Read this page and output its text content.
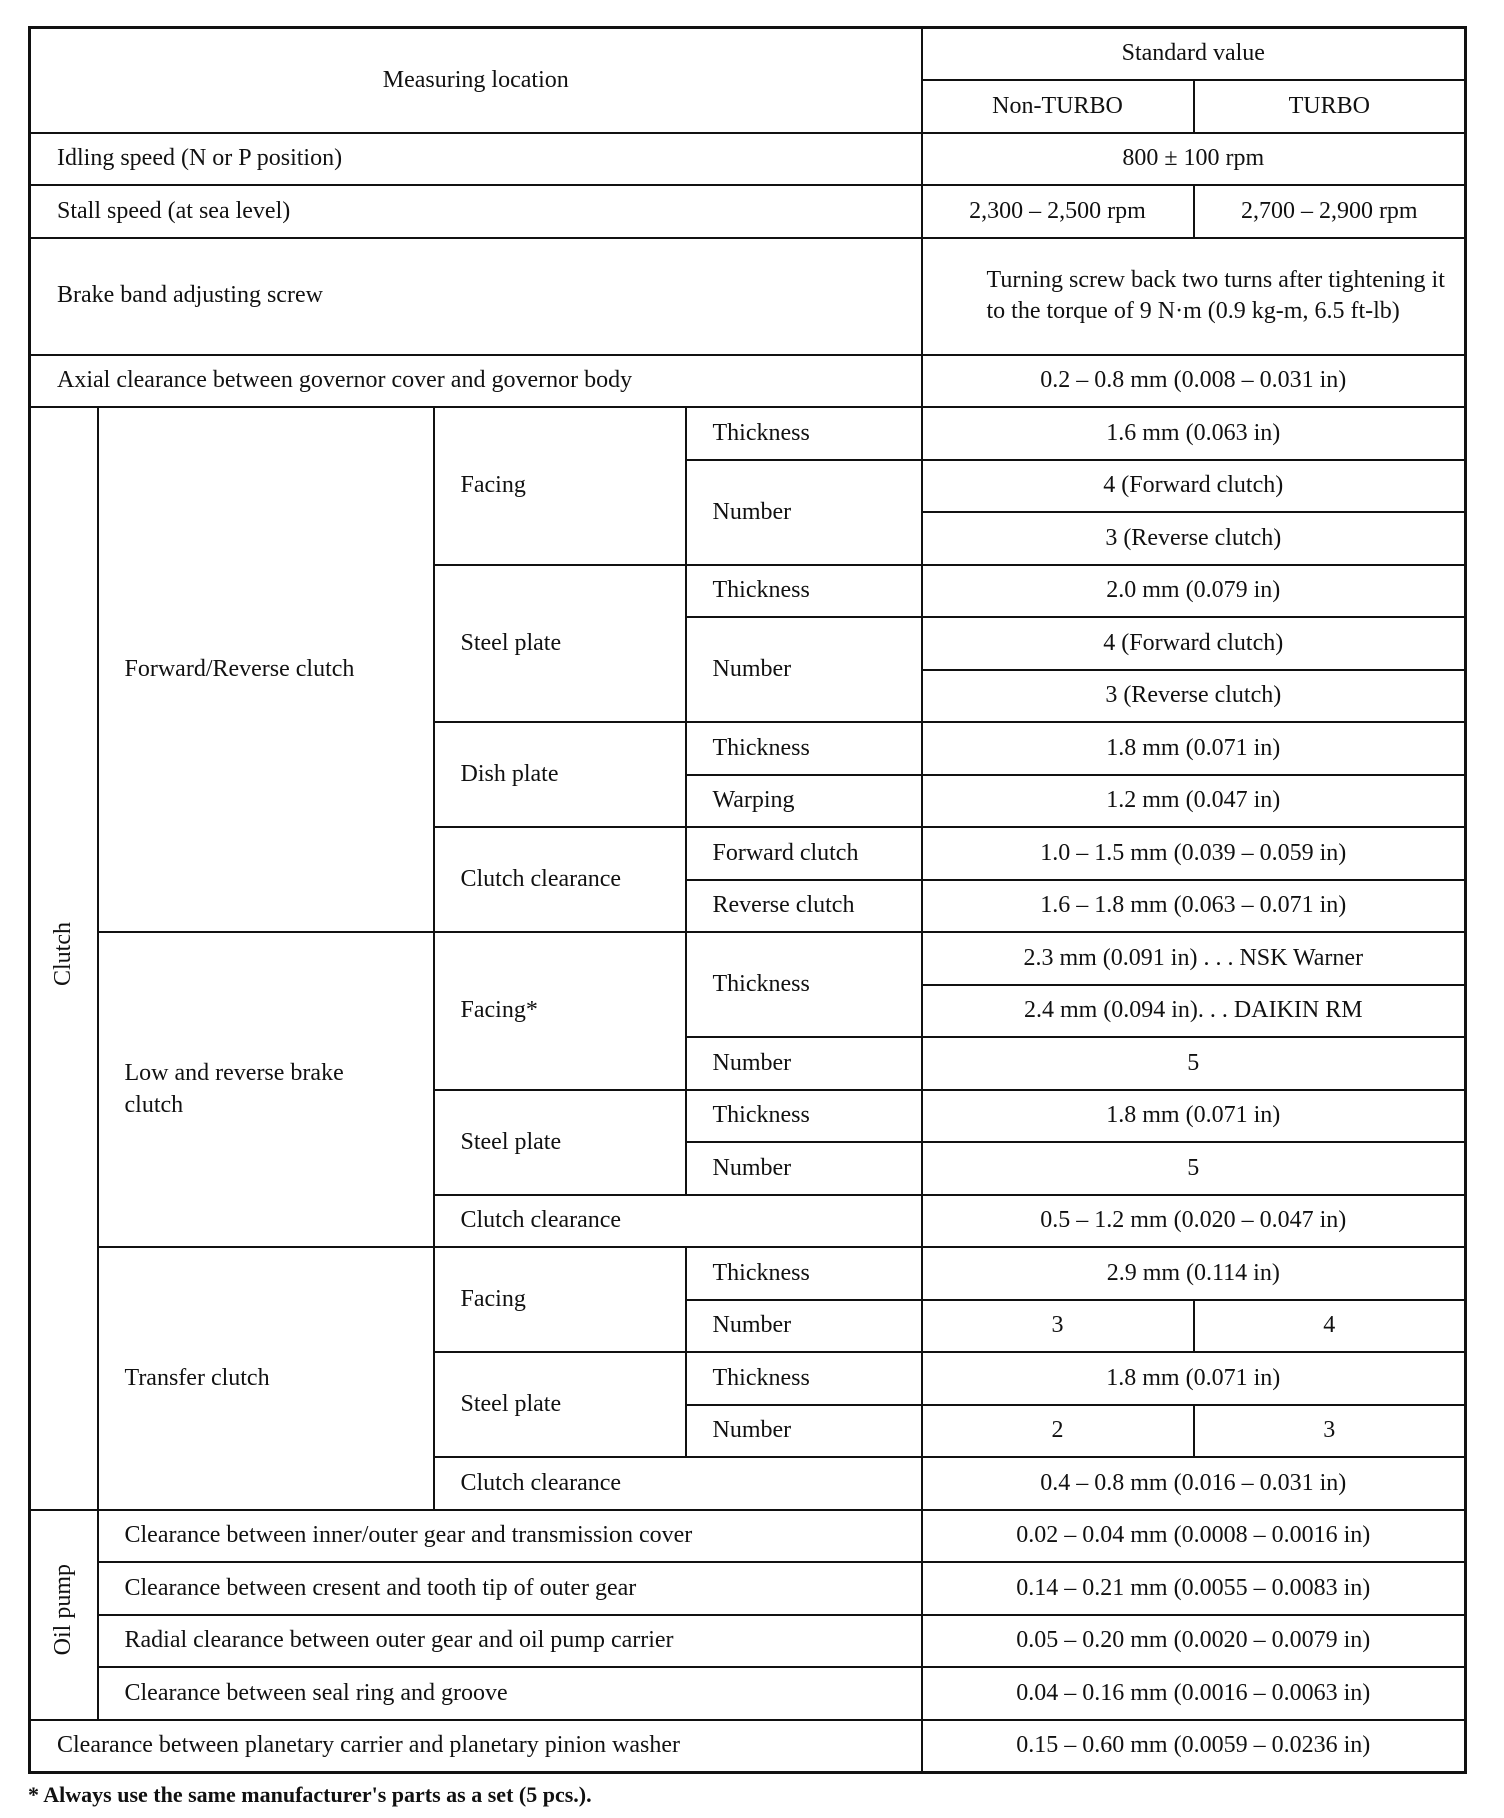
Measuring location				Standard value	
				Non-TURBO	TURBO
Idling speed (N or P position)				800 ± 100 rpm	
Stall speed (at sea level)				2,300 – 2,500 rpm	2,700 – 2,900 rpm
Brake band adjusting screw				Turning screw back two turns after tightening it to the torque of 9 N·m (0.9 kg-m, 6.5 ft-lb)	
Axial clearance between governor cover and governor body				0.2 – 0.8 mm (0.008 – 0.031 in)	
Clutch	Forward/Reverse clutch	Facing	Thickness	1.6 mm (0.063 in)	
			Number	4 (Forward clutch)	
				3 (Reverse clutch)	
		Steel plate	Thickness	2.0 mm (0.079 in)	
			Number	4 (Forward clutch)	
				3 (Reverse clutch)	
		Dish plate	Thickness	1.8 mm (0.071 in)	
			Warping	1.2 mm (0.047 in)	
		Clutch clearance	Forward clutch	1.0 – 1.5 mm (0.039 – 0.059 in)	
			Reverse clutch	1.6 – 1.8 mm (0.063 – 0.071 in)	
	Low and reverse brake clutch	Facing*	Thickness	2.3 mm (0.091 in) . . . NSK Warner	
				2.4 mm (0.094 in). . . DAIKIN RM	
			Number	5	
		Steel plate	Thickness	1.8 mm (0.071 in)	
			Number	5	
		Clutch clearance		0.5 – 1.2 mm (0.020 – 0.047 in)	
	Transfer clutch	Facing	Thickness	2.9 mm (0.114 in)	
			Number	3	4
		Steel plate	Thickness	1.8 mm (0.071 in)	
			Number	2	3
		Clutch clearance		0.4 – 0.8 mm (0.016 – 0.031 in)	
Oil pump	Clearance between inner/outer gear and transmission cover			0.02 – 0.04 mm (0.0008 – 0.0016 in)	
	Clearance between cresent and tooth tip of outer gear			0.14 – 0.21 mm (0.0055 – 0.0083 in)	
	Radial clearance between outer gear and oil pump carrier			0.05 – 0.20 mm (0.0020 – 0.0079 in)	
	Clearance between seal ring and groove			0.04 – 0.16 mm (0.0016 – 0.0063 in)	
Clearance between planetary carrier and planetary pinion washer				0.15 – 0.60 mm (0.0059 – 0.0236 in)	
* Always use the same manufacturer's parts as a set (5 pcs.).
